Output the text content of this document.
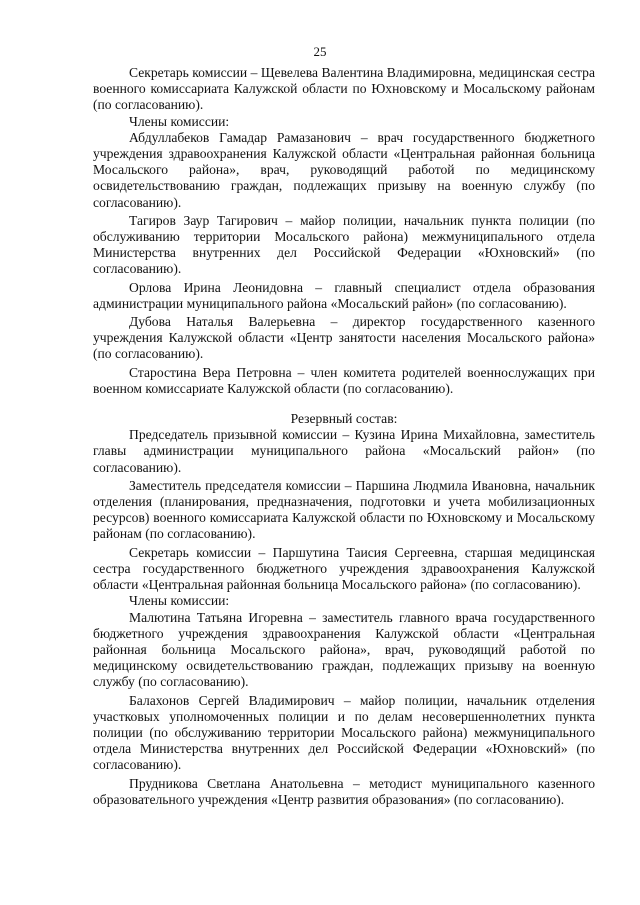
25

Секретарь комиссии – Щевелева Валентина Владимировна, медицинская сестра военного комиссариата Калужской области по Юхновскому и Мосальскому районам (по согласованию).

Члены комиссии:

Абдуллабеков Гамадар Рамазанович – врач государственного бюджетного учреждения здравоохранения Калужской области «Центральная районная больница Мосальского района», врач, руководящий работой по медицинскому освидетельствованию граждан, подлежащих призыву на военную службу (по согласованию).

Тагиров Заур Тагирович – майор полиции, начальник пункта полиции (по обслуживанию территории Мосальского района) межмуниципального отдела Министерства внутренних дел Российской Федерации «Юхновский» (по согласованию).

Орлова Ирина Леонидовна – главный специалист отдела образования администрации муниципального района «Мосальский район» (по согласованию).

Дубова Наталья Валерьевна – директор государственного казенного учреждения Калужской области «Центр занятости населения Мосальского района» (по согласованию).

Старостина Вера Петровна – член комитета родителей военнослужащих при военном комиссариате Калужской области (по согласованию).

Резервный состав:

Председатель призывной комиссии – Кузина Ирина Михайловна, заместитель главы администрации муниципального района «Мосальский район» (по согласованию).

Заместитель председателя комиссии – Паршина Людмила Ивановна, начальник отделения (планирования, предназначения, подготовки и учета мобилизационных ресурсов) военного комиссариата Калужской области по Юхновскому и Мосальскому районам (по согласованию).

Секретарь комиссии – Паршутина Таисия Сергеевна, старшая медицинская сестра государственного бюджетного учреждения здравоохранения Калужской области «Центральная районная больница Мосальского района» (по согласованию).

Члены комиссии:

Малютина Татьяна Игоревна – заместитель главного врача государственного бюджетного учреждения здравоохранения Калужской области «Центральная районная больница Мосальского района», врач, руководящий работой по медицинскому освидетельствованию граждан, подлежащих призыву на военную службу (по согласованию).

Балахонов Сергей Владимирович – майор полиции, начальник отделения участковых уполномоченных полиции и по делам несовершеннолетних пункта полиции (по обслуживанию территории Мосальского района) межмуниципального отдела Министерства внутренних дел Российской Федерации «Юхновский» (по согласованию).

Прудникова Светлана Анатольевна – методист муниципального казенного образовательного учреждения «Центр развития образования» (по согласованию).
